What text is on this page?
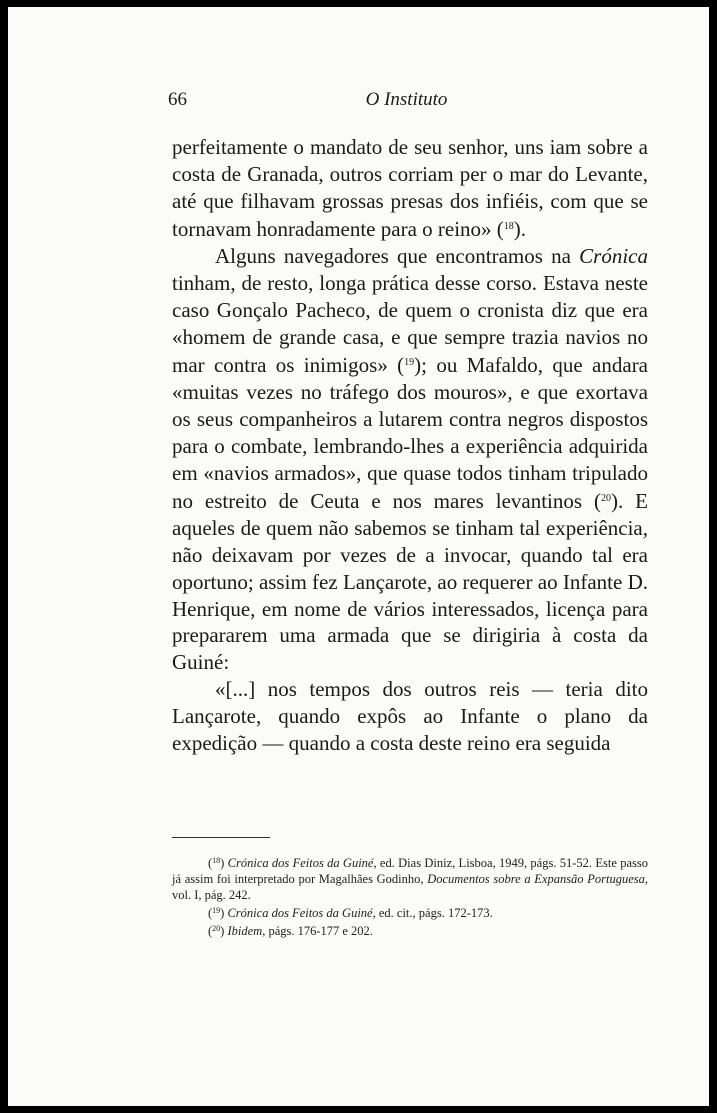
66	O Instituto

perfeitamente o mandato de seu senhor, uns iam sobre a costa de Granada, outros corriam per o mar do Levante, até que filhavam grossas presas dos infiéis, com que se tornavam honradamente para o reino» ($^{18}$).

Alguns navegadores que encontramos na Crónica tinham, de resto, longa prática desse corso. Estava neste caso Gonçalo Pacheco, de quem o cronista diz que era «homem de grande casa, e que sempre trazia navios no mar contra os inimigos» ($^{19}$); ou Mafaldo, que andara «muitas vezes no tráfego dos mouros», e que exortava os seus companheiros a lutarem contra negros dispostos para o combate, lembrando-lhes a experiência adquirida em «navios armados», que quase todos tinham tripulado no estreito de Ceuta e nos mares levantinos ($^{20}$). E aqueles de quem não sabemos se tinham tal experiência, não deixavam por vezes de a invocar, quando tal era oportuno; assim fez Lançarote, ao requerer ao Infante D. Henrique, em nome de vários interessados, licença para prepararem uma armada que se dirigiria à costa da Guiné:

«[...] nos tempos dos outros reis — teria dito Lançarote, quando expôs ao Infante o plano da expedição — quando a costa deste reino era seguida

($^{18}$) Crónica dos Feitos da Guiné, ed. Dias Diniz, Lisboa, 1949, págs. 51-52. Este passo já assim foi interpretado por Magalhães Godinho, Documentos sobre a Expansão Portuguesa, vol. I, pág. 242.

($^{19}$) Crónica dos Feitos da Guiné, ed. cit., págs. 172-173.

($^{20}$) Ibidem, págs. 176-177 e 202.
